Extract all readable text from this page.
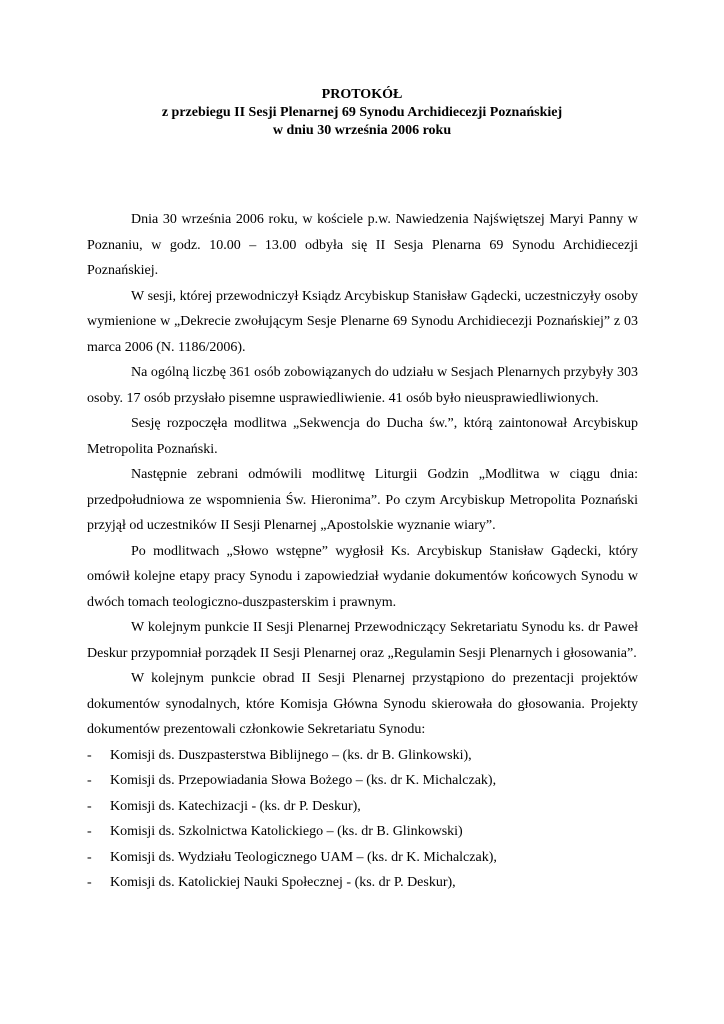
PROTOKÓŁ
z przebiegu II Sesji Plenarnej 69 Synodu Archidiecezji Poznańskiej
w dniu 30 września 2006 roku

Dnia 30 września 2006 roku, w kościele p.w. Nawiedzenia Najświętszej Maryi Panny w Poznaniu, w godz. 10.00 – 13.00 odbyła się II Sesja Plenarna 69 Synodu Archidiecezji Poznańskiej.

W sesji, której przewodniczył Ksiądz Arcybiskup Stanisław Gądecki, uczestniczyły osoby wymienione w „Dekrecie zwołującym Sesje Plenarne 69 Synodu Archidiecezji Poznańskiej” z 03 marca 2006 (N. 1186/2006).

Na ogólną liczbę 361 osób zobowiązanych do udziału w Sesjach Plenarnych przybyły 303 osoby. 17 osób przysłało pisemne usprawiedliwienie. 41 osób było nieusprawiedliwionych.

Sesję rozpoczęła modlitwa „Sekwencja do Ducha św.”, którą zaintonował Arcybiskup Metropolita Poznański.

Następnie zebrani odmówili modlitwę Liturgii Godzin „Modlitwa w ciągu dnia: przedpołudniowa ze wspomnienia Św. Hieronima”. Po czym Arcybiskup Metropolita Poznański przyjął od uczestników II Sesji Plenarnej „Apostolskie wyznanie wiary”.

Po modlitwach „Słowo wstępne” wygłosił Ks. Arcybiskup Stanisław Gądecki, który omówił kolejne etapy pracy Synodu i zapowiedział wydanie dokumentów końcowych Synodu w dwóch tomach teologiczno-duszpasterskim i prawnym.

W kolejnym punkcie II Sesji Plenarnej Przewodniczący Sekretariatu Synodu ks. dr Paweł Deskur przypomniał porządek II Sesji Plenarnej oraz „Regulamin Sesji Plenarnych i głosowania”.

W kolejnym punkcie obrad II Sesji Plenarnej przystąpiono do prezentacji projektów dokumentów synodalnych, które Komisja Główna Synodu skierowała do głosowania. Projekty dokumentów prezentowali członkowie Sekretariatu Synodu:

- Komisji ds. Duszpasterstwa Biblijnego – (ks. dr B. Glinkowski),
- Komisji ds. Przepowiadania Słowa Bożego – (ks. dr K. Michalczak),
- Komisji ds. Katechizacji - (ks. dr P. Deskur),
- Komisji ds. Szkolnictwa Katolickiego – (ks. dr B. Glinkowski)
- Komisji ds. Wydziału Teologicznego UAM – (ks. dr K. Michalczak),
- Komisji ds. Katolickiej Nauki Społecznej - (ks. dr P. Deskur),
